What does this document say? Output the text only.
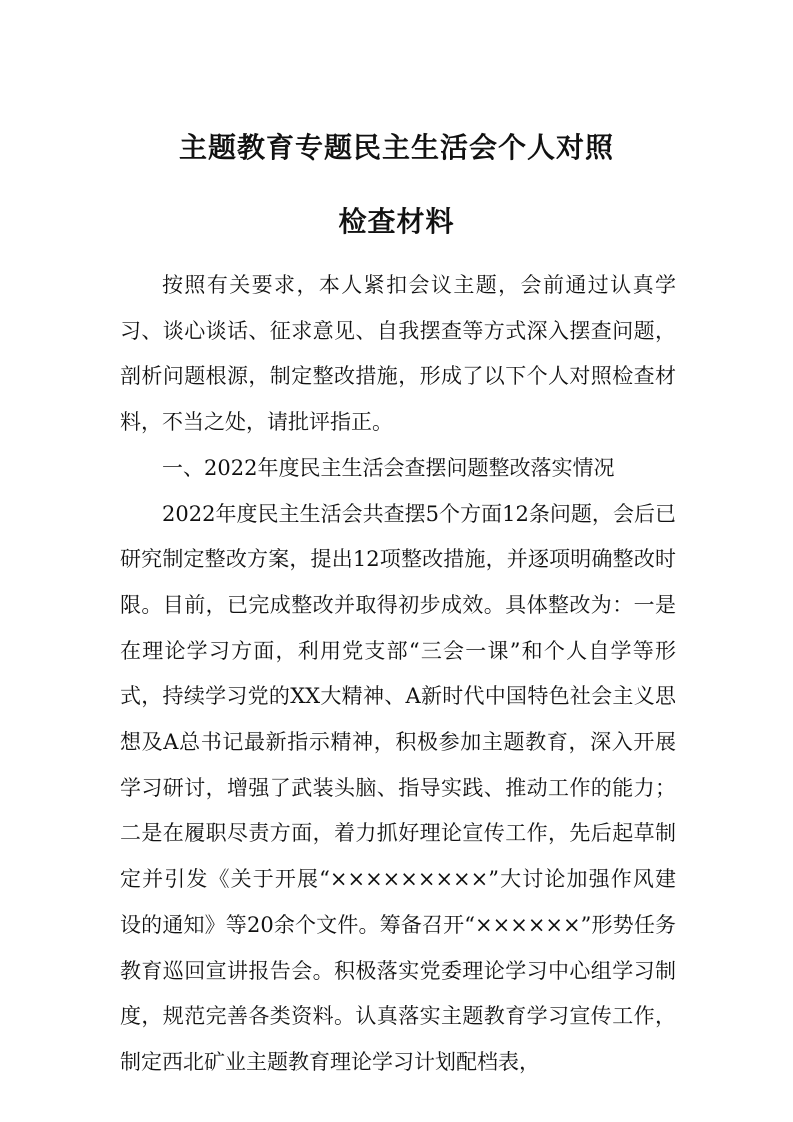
主题教育专题民主生活会个人对照
检查材料

按照有关要求，本人紧扣会议主题，会前通过认真学习、谈心谈话、征求意见、自我摆查等方式深入摆查问题，剖析问题根源，制定整改措施，形成了以下个人对照检查材料，不当之处，请批评指正。

一、2022年度民主生活会查摆问题整改落实情况

2022年度民主生活会共查摆5个方面12条问题，会后已研究制定整改方案，提出12项整改措施，并逐项明确整改时限。目前，已完成整改并取得初步成效。具体整改为：一是在理论学习方面，利用党支部“三会一课”和个人自学等形式，持续学习党的XX大精神、A新时代中国特色社会主义思想及A总书记最新指示精神，积极参加主题教育，深入开展学习研讨，增强了武装头脑、指导实践、推动工作的能力；二是在履职尽责方面，着力抓好理论宣传工作，先后起草制定并引发《关于开展“×××××××××”大讨论加强作风建设的通知》等20余个文件。筹备召开“××××××”形势任务教育巡回宣讲报告会。积极落实党委理论学习中心组学习制度，规范完善各类资料。认真落实主题教育学习宣传工作，制定西北矿业主题教育理论学习计划配档表，
